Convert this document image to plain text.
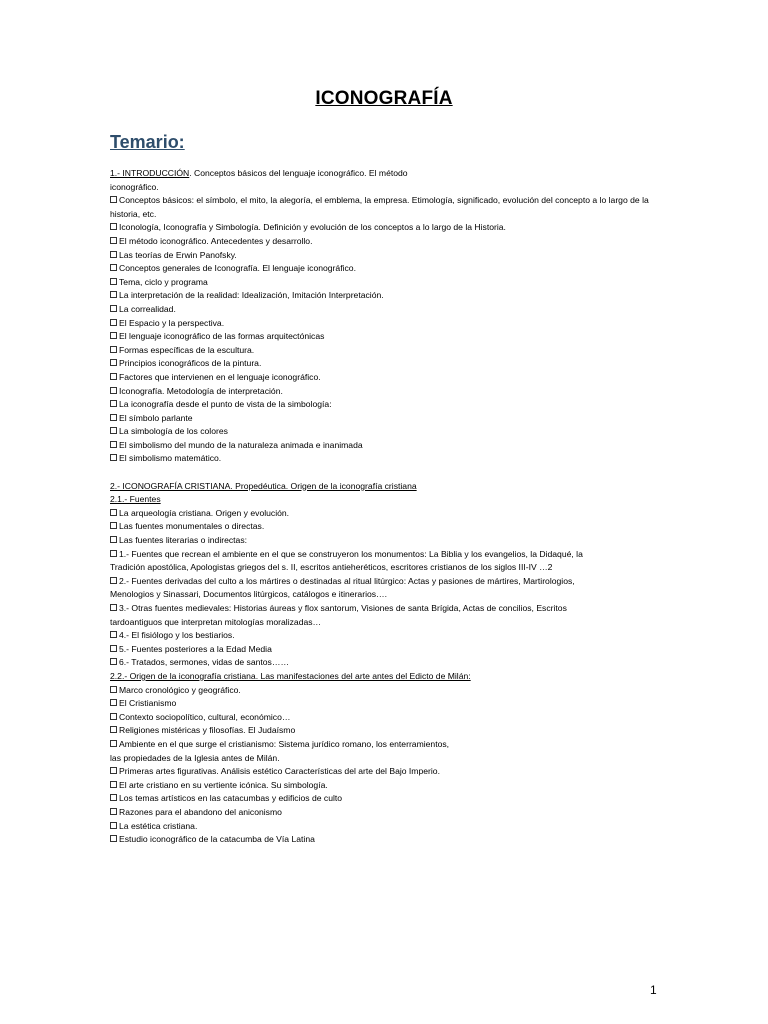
ICONOGRAFÍA
Temario:
1.- INTRODUCCIÓN. Conceptos básicos del lenguaje iconográfico. El método
iconográfico.
Conceptos básicos: el símbolo, el mito, la alegoría, el emblema, la empresa. Etimología, significado, evolución del concepto a lo largo de la historia, etc.
Iconología, Iconografía y Simbología. Definición y evolución de los conceptos a lo largo de la Historia.
El método iconográfico. Antecedentes y desarrollo.
Las teorías de Erwin Panofsky.
Conceptos generales de Iconografía. El lenguaje iconográfico.
Tema, ciclo y programa
La interpretación de la realidad: Idealización, Imitación Interpretación.
La correalidad.
El Espacio y la perspectiva.
El lenguaje iconográfico de las formas arquitectónicas
Formas específicas de la escultura.
Principios iconográficos de la pintura.
Factores que intervienen en el lenguaje iconográfico.
Iconografía. Metodología de interpretación.
La iconografía desde el punto de vista de la simbología:
El símbolo parlante
La simbología de los colores
El simbolismo del mundo de la naturaleza animada e inanimada
El simbolismo matemático.
2.- ICONOGRAFÍA CRISTIANA. Propedéutica. Origen de la iconografía cristiana
2.1.- Fuentes
La arqueología cristiana. Origen y evolución.
Las fuentes monumentales o directas.
Las fuentes literarias o indirectas:
1.- Fuentes que recrean el ambiente en el que se construyeron los monumentos: La Biblia y los evangelios, la Didaqué, la
Tradición apostólica, Apologistas griegos del s. II, escritos antieheréticos, escritores cristianos de los siglos III-IV …2
2.- Fuentes derivadas del culto a los mártires o destinadas al ritual litúrgico: Actas y pasiones de mártires, Martirologios,
Menologios y Sinassari, Documentos litúrgicos, catálogos e itinerarios….
3.- Otras fuentes medievales: Historias áureas y flox santorum, Visiones de santa Brígida, Actas de concilios, Escritos
tardoantiguos que interpretan mitologías moralizadas…
4.- El fisiólogo y los bestiarios.
5.- Fuentes posteriores a la Edad Media
6.- Tratados, sermones, vidas de santos……
2.2.- Origen de la iconografía cristiana. Las manifestaciones del arte antes del Edicto de Milán:
Marco cronológico y geográfico.
El Cristianismo
Contexto sociopolítico, cultural, económico…
Religiones mistéricas y filosofías. El Judaísmo
Ambiente en el que surge el cristianismo: Sistema jurídico romano, los enterramientos,
las propiedades de la Iglesia antes de Milán.
Primeras artes figurativas. Análisis estético Características del arte del Bajo Imperio.
El arte cristiano en su vertiente icónica. Su simbología.
Los temas artísticos en las catacumbas y edificios de culto
Razones para el abandono del aniconismo
La estética cristiana.
Estudio iconográfico de la catacumba de Vía Latina
1
